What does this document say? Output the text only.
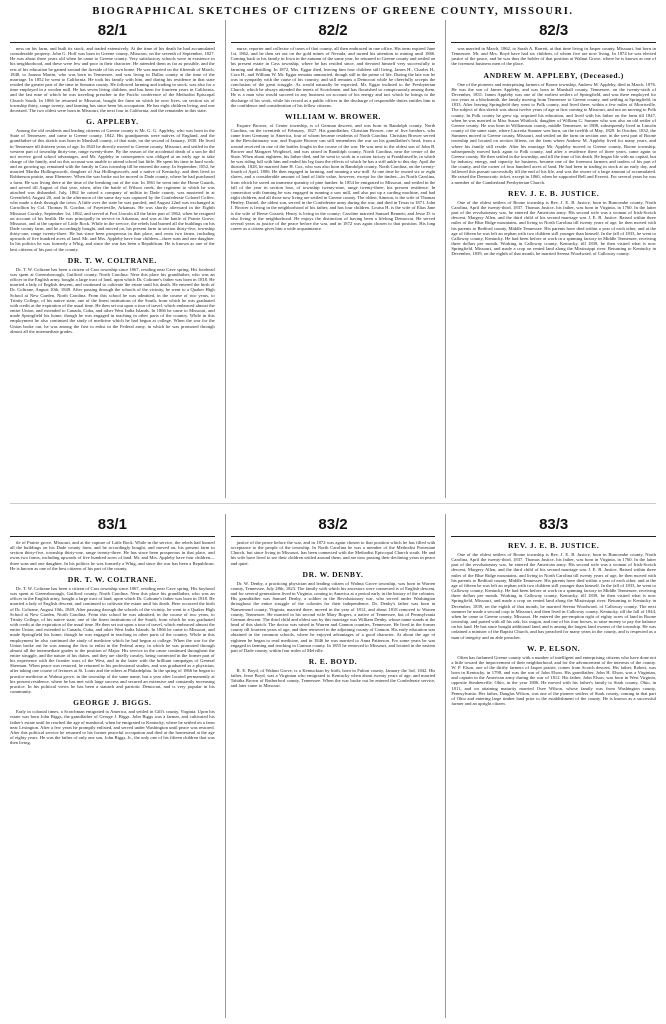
BIOGRAPHICAL SKETCHES OF CITIZENS OF GREENE COUNTY, MISSOURI.
82/1

ness on his farm, and built its stock, and traded extensively. At the time of his death he had accumulated considerable property. John G. Hoff was born in Greene county, Missouri, on the seventh of September, 1827. He was about three years old when he came to Greene county. Very satisfactory schools were in existence in his neighborhood, and these were few and poor in their character. He attended them as far as possible, and the rest of his education he gained around the fireside of his own home. He was married on the fifteenth of March, 1848, to Joanna Martin, who was born in Tennessee, and was living in Dallas county at the time of the marriage. In 1852 he went to California. He took his family with him, and during his residence in that state resided the greater part of the time in Sonoma county. He followed farming and trading in stock, was also for a time employed in a woolen mill. He has seven living children, and has been for fourteen years in California, and the last nine of which he was traveling preacher in the Pacific conference of the Methodist Episcopal Church South. In 1866 he returned to Missouri, bought the farm on which he now lives, on section six of township thirty, range twenty, and farming has since been his occupation. He has eight children living, and one deceased. The two oldest were born in Missouri, the next four in California, and the remainder in this state.

G. APPLEBY.

Among the old residents and leading citizens of Greene county is Mr. G. G. Appleby, who was born in the State of Tennessee, and came to Greene county, 1842. His grandparents were natives of England, and the grandfather of this sketch was born in Marshall county, of that state, on the second of January, 1830. He lived in Tennessee till thirteen years of age. In 1843 he directly moved to Greene county, Missouri, and settled in the western part of township thirty-one, range twenty-three. By the reason of the accidental death of a son he did not receive good school advantages, and Mr. Appleby in consequence was obliged at an early age to take charge of the family, and on this account was unable to attend school but little. He spent his time in hard work; and on growing up, remained with the family in Cass township till he entered the army. In September, 1852, he married Martha Hollingsworth, daughter of Asa Hollingsworth, and a native of Kentucky, and then lived in Robberson prairie, near Ebenezer. When the war broke out he moved to Dade county, where he had purchased a farm. He was living there at the time of the breaking out of the war. In 1861 he went into the Home Guards, and served till August of that year, when, after the battle of Wilson creek, the regiment to which he was attached was disbanded. July, 1862 he raised a company of militia in Dade county, was mustered in at Greenfield, August 20, and in the afternoon of the same day was captured by the Confederate Colonel Coffee, who made a dash through the town. A little over the state he was paroled, and August 22nd was exchanged at Carrollton by Col. Thomas R. Gordon, of Fayetteville, Arkansas. He was shortly afterward in the Eighth Missouri Cavalry, September 1st, 1862, and served at Fort Lincoln till the latter part of 1862, when he resigned on account of his health. He was principally in service in Arkansas, and was at the battle of Prairie Grove, Missouri, and at the capture of Little Rock. While in the service, the rebels had burned all the buildings on his Dade county farm, and he accordingly bought, and moved on, his present farm in section thirty-five, township thirty-one, range twenty-three. He has since been prosperous in that place, and owns two farms, including upwards of five hundred acres of land. Mr. and Mrs. Appleby have four children—three sons and one daughter. In his politics he was formerly a Whig, and since the war has been a Republican. He is known as one of the best citizens of his part of the county.

DR. T. W. COLTRANE.

Dr. T. W. Coltrane has been a citizen of Cass township since 1867, residing near Cave spring. His forehead was spent at Greensborough, Guilford county, North Carolina. Near this place his grandfather, who was an officer in the English army, bought a large tract of land, upon which Dr. Coltrane's father was born in 1818. He married a lady of English descent, and continued to cultivate the estate until his death. He entered the birth of Dr. Coltrane, August 10th, 1849. After passing through the schools of the vicinity, he went to a Quaker High School at New Garden, North Carolina. From this school he was admitted, in the course of two years, to Trinity College, of his native state, one of the finest institutions of the South, from which he was graduated with credit at the expiration of the usual time. He then set out upon a tour of travel, which embraced almost the entire Union, and extended to Canada, Cuba, and other West India Islands. In 1866 he came to Missouri, and made Springfield his home, though he was engaged in teaching in other parts of the country. While in this employment he also continued the study of medicine which he had begun at college. When the war for the Union broke out, he was among the first to enlist in the Federal army, in which he was promoted through almost all the intermediate grades.

82/2

nurse, reporter and collector of taxes of that county, all then embraced in one office. His term expired June 1st, 1862, and he then set out on the gold mines of Nevada, and turned his attention to mining until 1866. Coming back to his family in Iowa in the autumn of the same year, he returned to Greene county and settled on his present estate in Cass township, where he has resided since, and devoted himself very successfully to farming and distilling. In 1872, Mrs. Eggar died, leaving him four children still living, James H., Charles H., Cora H., and William W. Mr. Eggar remains unmarried, though still in the prime of life. During the late war he was in sympathy with the cause of his country, and still remains a Democrat while he cheerfully accepts the conclusion of the great struggle. As would naturally be expected, Mr. Eggar inclined to the Presbyterian Church, which he always attended the tenets of Scotchmen, and has flourished so conspicuously among them. He is a man who would succeed in any business on account of his energy and tact which he brings to the discharge of his work, while his record as a public officer in the discharge of responsible duties entitles him to the confidence and consideration of his fellow citizens.

WILLIAM W. BROWER.

Esquire Brower, of Center township, is of German descent, and was born in Randolph county, North Carolina, on the twentieth of February, 1827. His grandfather, Christian Brower, one of five brothers, who came from Germany to America, four of whom became residents of North Carolina. Christian Brower served in the Revolutionary war, and Esquire Brower can still remembers the war on his grandfather's head, from a wound received in one of the battles fought in the course of the war. He was next to the oldest son of John B. Brower and Margaret Wrightsel, and was raised in Randolph county, North Carolina, near the centre of the State. When about eighteen, his father died, and he went to work in a cotton factory at Franklinsville, in which he was riding full with him and ended his leg from the effects of which he has a stiff ankle to this day. April the thirtieth, 1828, he married Jane H. Cox, who was also born in Randolph county, North Carolina, on the twenty-fourth of April, 1806. He then engaged in farming, and running a saw mill. At one time he owned six or eight slaves, and a considerable amount of land of little value, however, except for the timber—in North Carolina, from which he saved an immense quantity of pine lumber. In 1854 he emigrated to Missouri, and settled in the fall of the year in section four, of township twenty-nine, range twenty-three, his present residence. In connection with farming he was engaged in running a saw mill, and also put up a carding machine, and had eight children, and all those now living are settled in Greene county. The oldest, Simeon, is the wife of Thomas Henley. Daniel, the oldest son, served in the Confederate army during the war, and died in Texas in 1871. John J. Brower is living in the neighborhood of his father, and has four children. Louisa H. is the wife of Elias Jane is the wife of Reese Gossett; Henry is living in the county; Caroline married Samuel Bennett; and Jesse D. is also living in the neighborhood. He enjoys the distinction of having been a lifelong Democrat. He served several years as justice of the peace before the war, and in 1872 was again chosen to that position. His long career as a citizen gives him a wide acquaintance.

82/3

was married in March, 1862, to Sarah A. Barrett, at that time living in Jasper county, Missouri, but born in Tennessee. Mr. and Mrs. Boyd have had six children, of whom five are now living. In 1874 he was elected justice of the peace, and he was thus the holder of that position at Walnut Grove, where he is known as one of the foremost business men of the place.

ANDREW M. APPLEBY, (Deceased.)

One of the pioneers and enterprising farmers of Boone township, Andrew M. Appleby, died in March, 1876. He was the son of James Appleby, and was born in Marshall county, Tennessee, on the twenty-sixth of December, 1831. James Appleby was one of the earliest settlers of Springfield, and was there employed for two years as a blacksmith, the family moving from Tennessee to Greene county, and settling at Springfield, in 1833. After leaving Springfield they went to Polk county, and lived there, within a few miles of Morrisville. The subject of this sketch was about twelve years of age at first coming to Missouri, and not on moving to Polk county. In Polk county he grew up, acquired his education, and lived with his father on the farm till 1847, when he was married to Miss Susan Whitlock, daughter of William G. Sumner who was also an old settler of Greene county. He was born in Williamson county, middle Tennessee, in 1808, subsequently lived in Lincoln county of the same state, where Lucretia Sumner was born, on the twelfth of May, 1829. In October, 1832, the Sumners moved to Greene county, Missouri, and settled on the farm on section one, in the west part of Boone township and located on section fifteen, on the farm where Andrew M. Appleby lived for many years, and where his family still reside. After his marriage Mr. Appleby moved to Greene county, Boone township, subsequently moved back again to Polk county, and after a residence there of three years, came again to Greene county. He then settled in the township, and till the time of his death. He began life with no capital, but by industry, energy, and capacity for business, became one of the foremost farmers and traders of his part of the county, and the owner of four hundred acres of land. He had been in trading in stock at an early day, and followed this pursuit successfully till the end of his life, and was the owner of a large amount of accumulated. He raised the Democratic ticket, except in 1860, when he supported Bell and Everett. For several years he was a member of the Cumberland Presbyterian Church.

REV. J. E. B. JUSTICE.

One of the oldest settlers of Boone township is Rev. J. E. B. Justice, born in Buncombe county, North Carolina, April the twenty-third, 1837. Thomas Justice, his father, was born in Virginia, in 1760. In the latter part of the revolutionary war, he entered the American army. His second wife was a woman of Irish-Scotch descent, Margery Allen, and the third child of his second marriage was J. E. B. Justice. Raised within three miles of the Blue Ridge mountains, and living in North Carolina till twenty years of age, he then moved with his parents to Bedford county, Middle Tennessee. His parents have died within a year of each other, and at the age of fifteen he was left an orphan with two children still younger than himself. In the fall of 1833, he went to Calloway county, Kentucky. He had been before at work in a spinning factory in Middle Tennessee, receiving three dollars per month. Working in Calloway county, Kentucky, till 1839, he then visited what is now Springfield, Missouri, and made a crop on rented land along the Mississippi river. Returning to Kentucky in December, 1839, on the eighth of that month, he married Serena Woodward, of Calloway county.

83/1

tle of Prairie grove, Missouri, and at the capture of Little Rock. While in the service, the rebels had burned all the buildings on his Dade county farm, and he accordingly bought, and moved on, his present farm in section thirty-five, township thirty-one, range twenty-three. He has since been prosperous in that place, and owns two farms, including upwards of five hundred acres of land. Mr. and Mrs. Appleby have four children—three sons and one daughter. In his politics he was formerly a Whig, and since the war has been a Republican. He is known as one of the best citizens of his part of the county.

DR. T. W. COLTRANE.

Dr. T. W. Coltrane has been a citizen of Cass township since 1867, residing near Cave spring. His boyhood was spent at Greensborough, Guilford county, North Carolina. Near this place his grandfather, who was an officer in the English army, bought a large tract of land, upon which Dr. Coltrane's father was born in 1818. He married a lady of English descent, and continued to cultivate the estate until his death. Here occurred the birth of Dr. Coltrane, August 10th, 1849. After passing through the schools of the vicinity, he went to a Quaker High School at New Garden, North Carolina. From this school he was admitted, in the course of two years, to Trinity College, of his native state, one of the finest institutions of the South, from which he was graduated with credit at the expiration of the usual time. He then set out upon a tour of travel, which embraced almost the entire Union, and extended to Canada, Cuba, and other West India Islands. In 1866 he came to Missouri, and made Springfield his home, though he was engaged in teaching in other parts of the country. While in this employment he also continued the study of medicine which he had begun at college. When the war for the Union broke out he was among the first to enlist in the Federal army, in which he was promoted through almost all the intermediate grades to the position of Major. His service in the cause continued throughout the entire struggle, and the nature of his duties, and they are chiefly cavalry, being connected in the former part of his experience with the frontier wars of the West, and in the latter with the brilliant campaigns of General Sherman. When peace was restored, he returned to his professional studies, and was graduated as a physician, after taking one course of lectures at St. Louis and the others at Philadelphia. In the spring of 1866 he began to practice medicine at Walnut grove, in the township of the same name, but a year after located permanently at his present residence, where he has met with large success and secured an extensive and constantly increasing practice. In his political views he has been a staunch and patriotic Democrat, and is very popular in his community.

GEORGE J. BIGGS.

Early in colonial times, a Scotchman emigrated to America, and settled in Gill's county, Virginia. Upon his estate was born John Biggs, the grandfather of George J. Biggs. John Biggs was a farmer, and cultivated his father's estate until he reached the age of manhood, when he emigrated to Kentucky, where he settled on a farm near Lexington. After a few years he promptly enlisted, and served under Washington until peace was restored. After this political service he returned to his former peaceful occupation and died at the homestead at the age of eighty years. He was the father of only one son, John Biggs, Jr., the only one of his fifteen children that was then living.

83/2

justice of the peace before the war, and in 1872 was again chosen to that position which he has filled with acceptance to the people of the township. In North Carolina he was a member of the Methodist Protestant Church, but since living in Missouri, has been connected with the Methodist Episcopal Church south. He and his wife have lived to see their children settled around them, and are now passing their declining years in peace and quiet.

DR. W. DENBY.

Dr. W. Denby, a practicing physician and leading citizen of Walnut Grove township, was born in Warren county, Tennessee, July 28th, 1823. The family with which his ancestors were connected is of English descent, and for several generations lived in Virginia, coming to America at a period early in the history of the colonies. His grandfather was Samuel Denby, a soldier in the Revolutionary war, who served under Washington throughout the entire struggle of the colonies for their independence. Dr. Denby's father was born in Nansemond county, Virginia, married there, moved in the year of 1812, and about 1818 removed to Warren county, Tennessee. He married in his second wife Mary Rogers, a native of Tennessee, but of Pennsylvania German descent. The third child and oldest son by this marriage was William Denby, whose name stands at the head of this sketch. The doctor was raised in Warren and Cannon counties, Tennessee. He lived in the former county till fourteen years of age, and then removed to the adjoining county of Cannon. His early education was obtained in the common schools, where he enjoyed advantages of a good character. At about the age of eighteen he began to read medicine, and in 1846 he was married to Anna Patterson. For some years he was engaged in farming and teaching in Cannon county. In 1855 he removed to Missouri, and located in the eastern part of Dade county, within four miles of Melville.

R. E. BOYD.

R. E. Boyd, of Walnut Grove, is a Kentuckian by birth, born in Fulton county, January the 3rd, 1842. His father, Jesse Boyd, was a Virginian who emigrated to Kentucky when about twenty years of age, and married Tabitha Brown of Rutherford county, Tennessee. When the war broke out he entered the Confederate service, and later came to Missouri.

83/3
REV. J. E. B. JUSTICE.

One of the oldest settlers of Boone township is Rev. J. E. B. Justice, born in Buncombe county, North Carolina, April the twenty-third, 1837. Thomas Justice, his father, was born in Virginia, in 1760. In the latter part of the revolutionary war, he entered the American army. His second wife was a woman of Irish-Scotch descent, Margery Allen, and the third child of his second marriage was J. E. B. Justice. Raised within three miles of the Blue Ridge mountains, and living in North Carolina till twenty years of age, he then moved with his parents to Bedford county, Middle Tennessee. His parents have died within a year of each other, and at the age of fifteen he was left an orphan with two children still younger than himself. In the fall of 1833, he went to Calloway county, Kentucky. He had been before at work in a spinning factory in Middle Tennessee, receiving three dollars per month. Working in Calloway county, Kentucky, till 1839, he then visited what is now Springfield, Missouri, and made a crop on rented land along the Mississippi river. Returning to Kentucky in December, 1839, on the eighth of that month, he married Serena Woodward, of Calloway county. The next summer he made a second crop in Missouri, and then lived in Calloway county, Kentucky, till the fall of 1844, when he came to Greene county, Missouri. He entered the pre-emption right of eighty acres of land in Boone township, and parted with all his oak, his wagon, and one of his four horses, to raise money to pay the balance on his land. He has since bought additional land, and is among the largest land owners of the township. He was ordained a minister of the Baptist Church, and has preached for many years in the county, and is respected as a man of integrity and an able preacher.

W. P. ELSON.

Often has farfamed Greene county with a number of intelligent and enterprising citizens who have done not a little toward the improvement of their neighborhood, and for the advancement of the interests of the county. W. P. Elson, one of the thrifty farmers of Jasper prairie, comes from Scotch descent. His father, Robert, was born in Kentucky, in 1798, and was the son of John Elson. His grandfather, John H. Elson, was a Virginian, and captain in the American army during the war of 1812. His father, John Elson, was born in West Virginia, opposite Steubenville, Ohio, in the year 1806. He moved with his father's family to Stark county, Ohio, in 1811, and on attaining maturity married Osee Wilson, whose family was from Washington county, Pennsylvania. Her father, Dauglas Wilson, was one of the pioneer settlers of Stark county, coming in that part of Ohio and entering large timber land prior to the establishment of the county. He is known as a successful farmer and an upright citizen.
